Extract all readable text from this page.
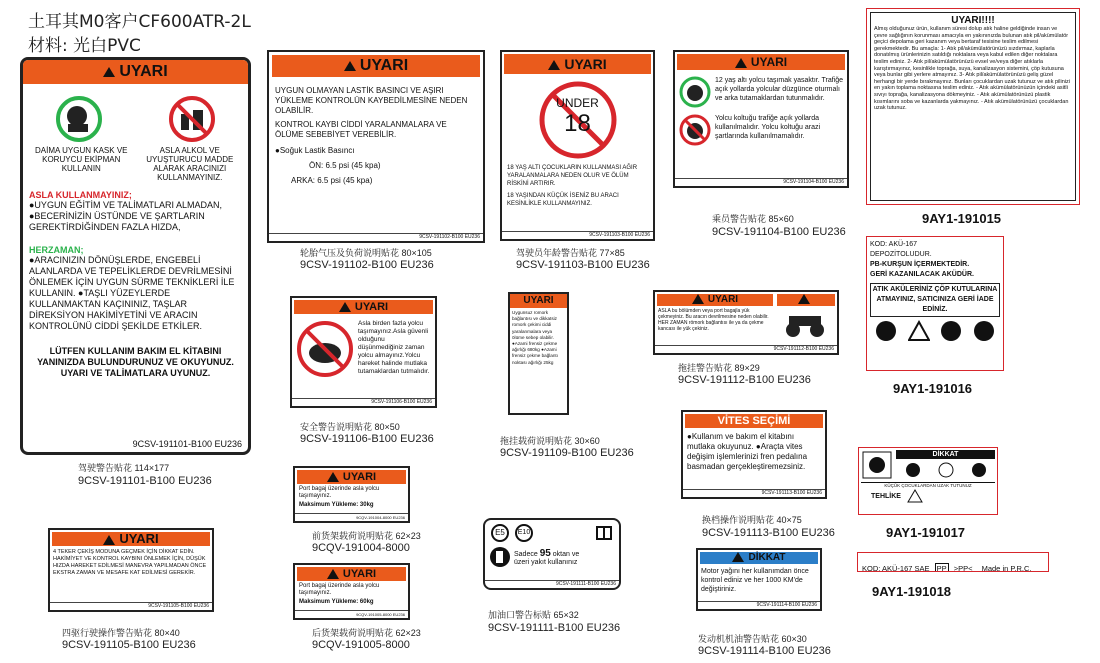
土耳其M0客户CF600ATR-2L
材料: 光白PVC
UYARI
DAİMA UYGUN KASK VE KORUYCU EKİPMAN KULLANIN
ASLA ALKOL VE UYUŞTURUCU MADDE ALARAK ARACINIZI KULLANMAYINIZ.
ASLA KULLANMAYINIZ;
●UYGUN EĞİTİM VE TALİMATLARI ALMADAN, ●BECERİNİZİN ÜSTÜNDE VE ŞARTLARIN GEREKTİRDİĞİNDEN FAZLA HIZDA,
HERZAMAN;
●ARACINIZIN DÖNÜŞLERDE, ENGEBELİ ALANLARDA VE TEPELİKLERDE DEVRİLMESİNİ ÖNLEMEK İÇİN UYGUN SÜRME TEKNİKLERİ İLE KULLANIN. ●TAŞLI YÜZEYLERDE KULLANMAKTAN KAÇININIZ, TAŞLAR DİREKSİYON HAKİMİYETİNİ VE ARACIN KONTROLÜNÜ CİDDİ ŞEKİLDE ETKİLER.
LÜTFEN KULLANIM BAKIM EL KİTABINI YANINIZDA BULUNDURUNUZ VE OKUYUNUZ. UYARI VE TALİMATLARA UYUNUZ.
9CSV-191101-B100 EU236
驾驶警告贴花 114×177
9CSV-191101-B100 EU236
UYARI
UYGUN OLMAYAN LASTİK BASINCI VE AŞIRI YÜKLEME KONTROLÜN KAYBEDİLMESİNE NEDEN OLABİLİR.
KONTROL KAYBI CİDDİ YARALANMALARA VE ÖLÜME SEBEBİYET VEREBİLİR.
●Soğuk Lastik Basıncı
ÖN: 6.5 psi (45 kpa)
ARKA: 6.5 psi (45 kpa)
9CSV-191102-B100 EU236
轮胎气压及负荷说明贴花 80×105
9CSV-191102-B100 EU236
UYARI
UNDER
18
18 YAŞ ALTI ÇOCUKLARIN KULLANMASI AĞIR YARALANMALARA NEDEN OLUR VE ÖLÜM RİSKİNİ ARTIRIR.
18 YAŞINDAN KÜÇÜK İSENİZ BU ARACI KESİNLİKLE KULLANMAYINIZ.
9CSV-191103-B100 EU236
驾驶员年龄警告贴花 77×85
9CSV-191103-B100 EU236
UYARI
12 yaş altı yolcu taşımak yasaktır. Trafiğe açık yollarda yolcular düzgünce oturmalı ve arka tutamaklardan tutunmalıdır.
Yolcu koltuğu trafiğe açık yollarda kullanılmalıdır. Yolcu koltuğu arazi şartlarında kullanılmamalıdır.
9CSV-191104-B100 EU236
乘员警告贴花 85×60
9CSV-191104-B100 EU236
UYARI!!!!
Almış olduğunuz ürün, kullanım süresi dolup atık haline geldiğinde insan ve çevre sağlığının korunması amacıyla en yakınınızda bulunan atık pil/akümülatör geçici depolama geri kazanım veya bertaraf tesisine teslim edilmesi gerekmektedir. Bu amaçla: 1- Atık pil/akümülatörünüzü sızdırmaz, kaplarla donatılmış ürünlerinizin satıldığı noktalara veya kabul edilen diğer noktalara teslim ediniz. 2- Atık pil/akümülatörünüzü evsel ve/veya diğer atıklarla karıştırmayınız, kesinlikle toprağa, suya, kanalizasyon sistemini, çöp kutusuna veya bunlar gibi yerlere atmayınız. 3- Atık pil/akümülatörünüzü geliş güzel herhangi bir yerde bırakmayınız. Bunları çocuklardan uzak tutunuz ve atık pilinizi en yakın toplama noktasına teslim ediniz. - Atık akümülatörünüzün içindeki asitli sıvıyı toprağa, kanalizasyona dökmeyiniz. - Atık akümülatörünüzü plastik kısımlarını soba ve kazanlarda yakmayınız. - Atık akümülatörünüzü çocuklardan uzak tutunuz.
9AY1-191015
UYARI
Asla birden fazla yolcu taşımayınız.Asla güvenli olduğunu düşünmediğiniz zaman yolcu almayınız.Yolcu hareket halinde mutlaka tutamaklardan tutmalıdır.
9CSV-191106-B100 EU236
安全警告说明贴花 80×50
9CSV-191106-B100 EU236
UYARI
Uygunsuz romork bağlantısı ve dikkatsiz romork çekimi ciddi yaralanmalara veya ölüme sebep olabilir. ●Azami frensiz çekme ağırlığı 680kg ●Azami frensiz çekme bağlantı noktası ağırlığı 25kg
拖挂载荷说明贴花 30×60
9CSV-191109-B100 EU236
UYARI
ASLA bu bölümden veya port bagajla yük çekmeyiniz. Bu aracın devrilmesine neden olabilir. HER ZAMAN römork bağlantısı ile ya da çekme kancası ile yük çekiniz.
9CSV-191112-B100 EU236
拖挂警告贴花 89×29
9CSV-191112-B100 EU236
KOD: AKÜ-167
DEPOZİTOLUDUR.
PB-KURŞUN İÇERMEKTEDİR.
GERİ KAZANILACAK AKÜDÜR.
ATIK AKÜLERİNİZ ÇÖP KUTULARINA ATMAYINIZ, SATICINIZA GERİ İADE EDİNİZ.
9AY1-191016
UYARI
Port bagaj üzerinde asla yolcu taşımayınız.
Maksimum Yükleme: 30kg
9CQV-191004-8000 EU236
前货架载荷说明贴花 62×23
9CQV-191004-8000
UYARI
Port bagaj üzerinde asla yolcu taşımayınız.
Maksimum Yükleme: 60kg
9CQV-191005-8000 EU236
后货架载荷说明贴花 62×23
9CQV-191005-8000
VİTES SEÇİMİ
●Kullanım ve bakım el kitabını mutlaka okuyunuz. ●Araçta vites değişim işlemlerinizi fren pedalına basmadan gerçekleştiremezsiniz.
9CSV-191113-B100 EU236
换档操作说明贴花 40×75
9CSV-191113-B100 EU236
DİKKAT
KÜÇÜK ÇOCUKLARDAN UZAK TUTUNUZ
TEHLİKE
9AY1-191017
UYARI
4 TEKER ÇEKİŞ MODUNA GEÇMEK İÇİN DİKKAT EDİN. HAKİMİYET VE KONTROL KAYBINI ÖNLEMEK İÇİN, DÜŞÜK HIZDA HAREKET EDİLMESİ MANEVRA YAPILMADAN ÖNCE EKSTRA ZAMAN VE MESAFE KAT EDİLMESİ GEREKİR.
9CSV-191105-B100 EU236
四驱行驶操作警告贴花 80×40
9CSV-191105-B100 EU236
E5	E10
Sadece 95 oktan ve
üzeri yakıt kullanınız
9CSV-191111-B100 EU236
加油口警告标贴 65×32
9CSV-191111-B100 EU236
DİKKAT
Motor yağını her kullanımdan önce kontrol ediniz ve her 1000 KM'de değiştiriniz.
9CSV-191114-B100 EU236
发动机机油警告贴花 60×30
9CSV-191114-B100 EU236
KOD: AKÜ-167 SAE PP >PP< Made in P.R.C.
9AY1-191018
